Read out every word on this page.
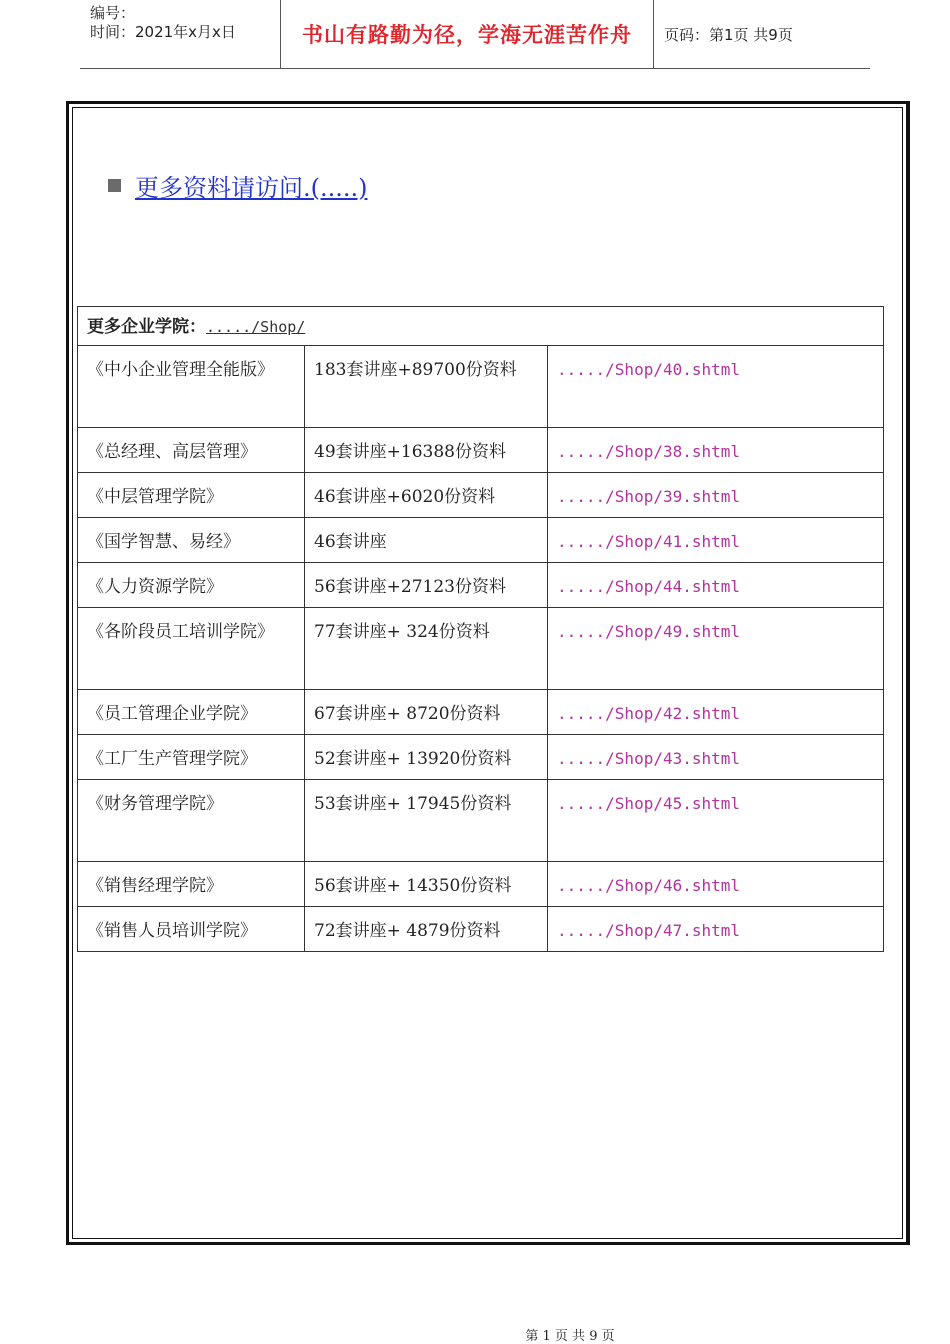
编号：
时间：2021年x月x日	书山有路勤为径，学海无涯苦作舟	页码：第1页 共9页
更多资料请访问.(.....)
更多企业学院：...../Shop/		
《中小企业管理全能版》	183套讲座+89700份资料	...../Shop/40.shtml
《总经理、高层管理》	49套讲座+16388份资料	...../Shop/38.shtml
《中层管理学院》	46套讲座+6020份资料	...../Shop/39.shtml
《国学智慧、易经》	46套讲座	...../Shop/41.shtml
《人力资源学院》	56套讲座+27123份资料	...../Shop/44.shtml
《各阶段员工培训学院》	77套讲座+ 324份资料	...../Shop/49.shtml
《员工管理企业学院》	67套讲座+ 8720份资料	...../Shop/42.shtml
《工厂生产管理学院》	52套讲座+ 13920份资料	...../Shop/43.shtml
《财务管理学院》	53套讲座+ 17945份资料	...../Shop/45.shtml
《销售经理学院》	56套讲座+ 14350份资料	...../Shop/46.shtml
《销售人员培训学院》	72套讲座+ 4879份资料	...../Shop/47.shtml
第 1 页 共 9 页
